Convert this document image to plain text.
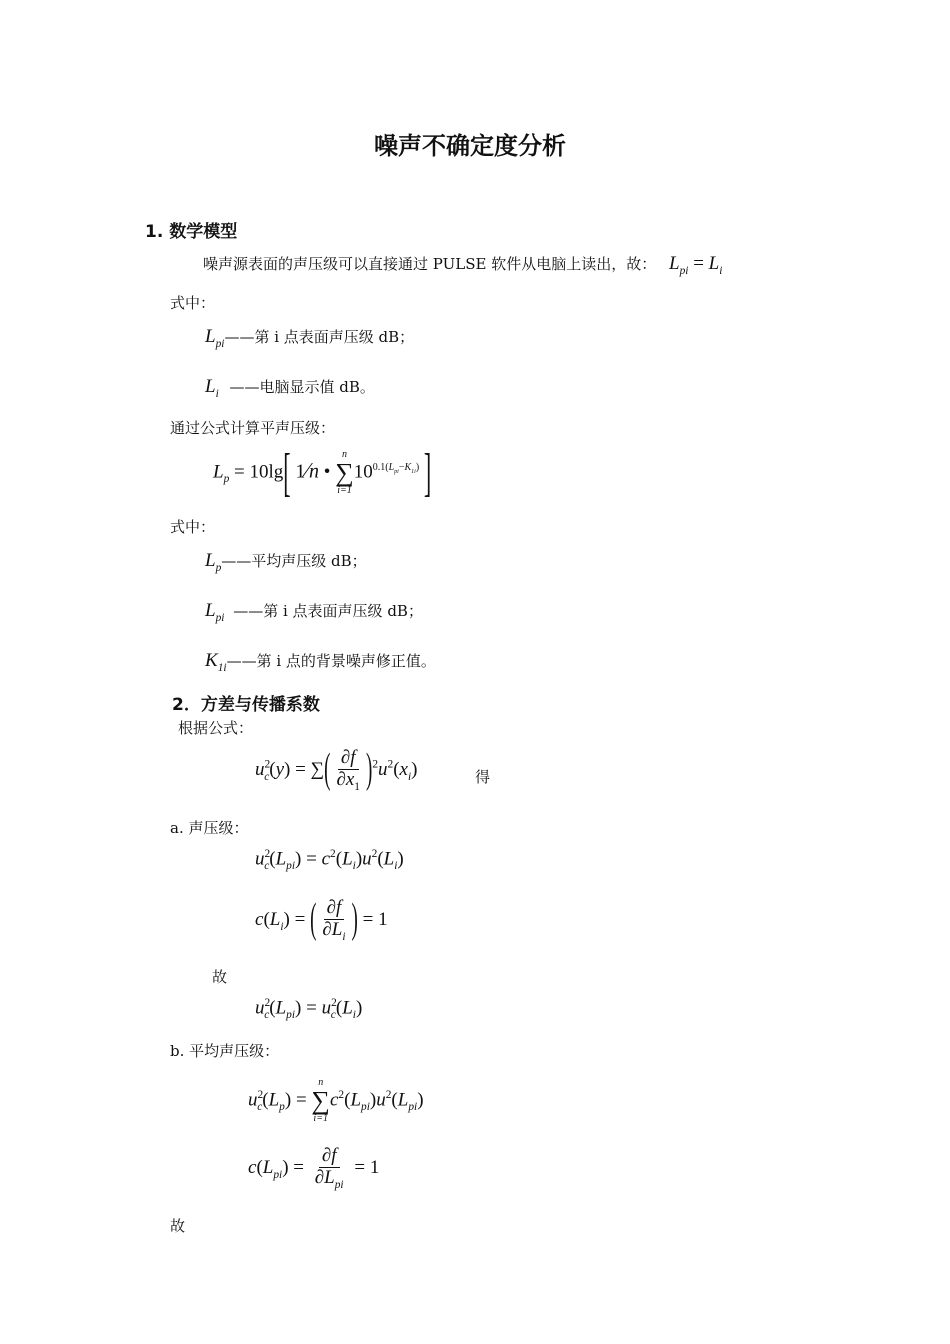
噪声不确定度分析
1. 数学模型
噪声源表面的声压级可以直接通过 PULSE 软件从电脑上读出，故： $L_{pi} = L_i$
式中：
$L_{pi}——$第 i 点表面声压级 dB；
$L_i$ ——电脑显示值 dB。
通过公式计算平声压级：
$L_p = 10\lg$[ 1⁄n •
n
∑
i=1
$10^{0.1(L_{pi}-K_{1i})}$ ]
式中：
$L_p——$平均声压级 dB；
$L_{pi}$ ——第 i 点表面声压级 dB；
$K_{1i}——$第 i 点的背景噪声修正值。
2．方差与传播系数
根据公式：
$u^2_c(y)$ = ∑( $\frac{\partial f}{\partial x_1} )^2u^2(x_i)$	得
a. 声压级：
$u^2_c(L_{pi}) = c^2(L_i)u^2(L_i)$
$c(L_i)$ = ( $\frac{\partial f}{\partial L_i}$ ) = 1
故
$u^2_c(L_{pi}) = u^2_c(L_i)$
b. 平均声压级：
$u^2_c(L_p)$ =
n
∑
i=1
$c^2(L_{pi})u^2(L_{pi})$
$c(L_{pi}) = \frac{\partial f}{\partial L_{pi}} = 1$
故
